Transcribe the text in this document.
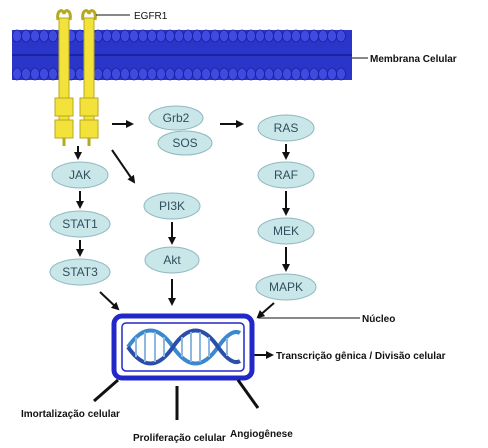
EGFR1
Membrana Celular
Grb2
SOS
RAS
RAF
MEK
MAPK
JAK
STAT1
STAT3
PI3K
Akt
Núcleo
Transcrição gênica / Divisão celular
Imortalização celular
Proliferação celular Angiogênese
